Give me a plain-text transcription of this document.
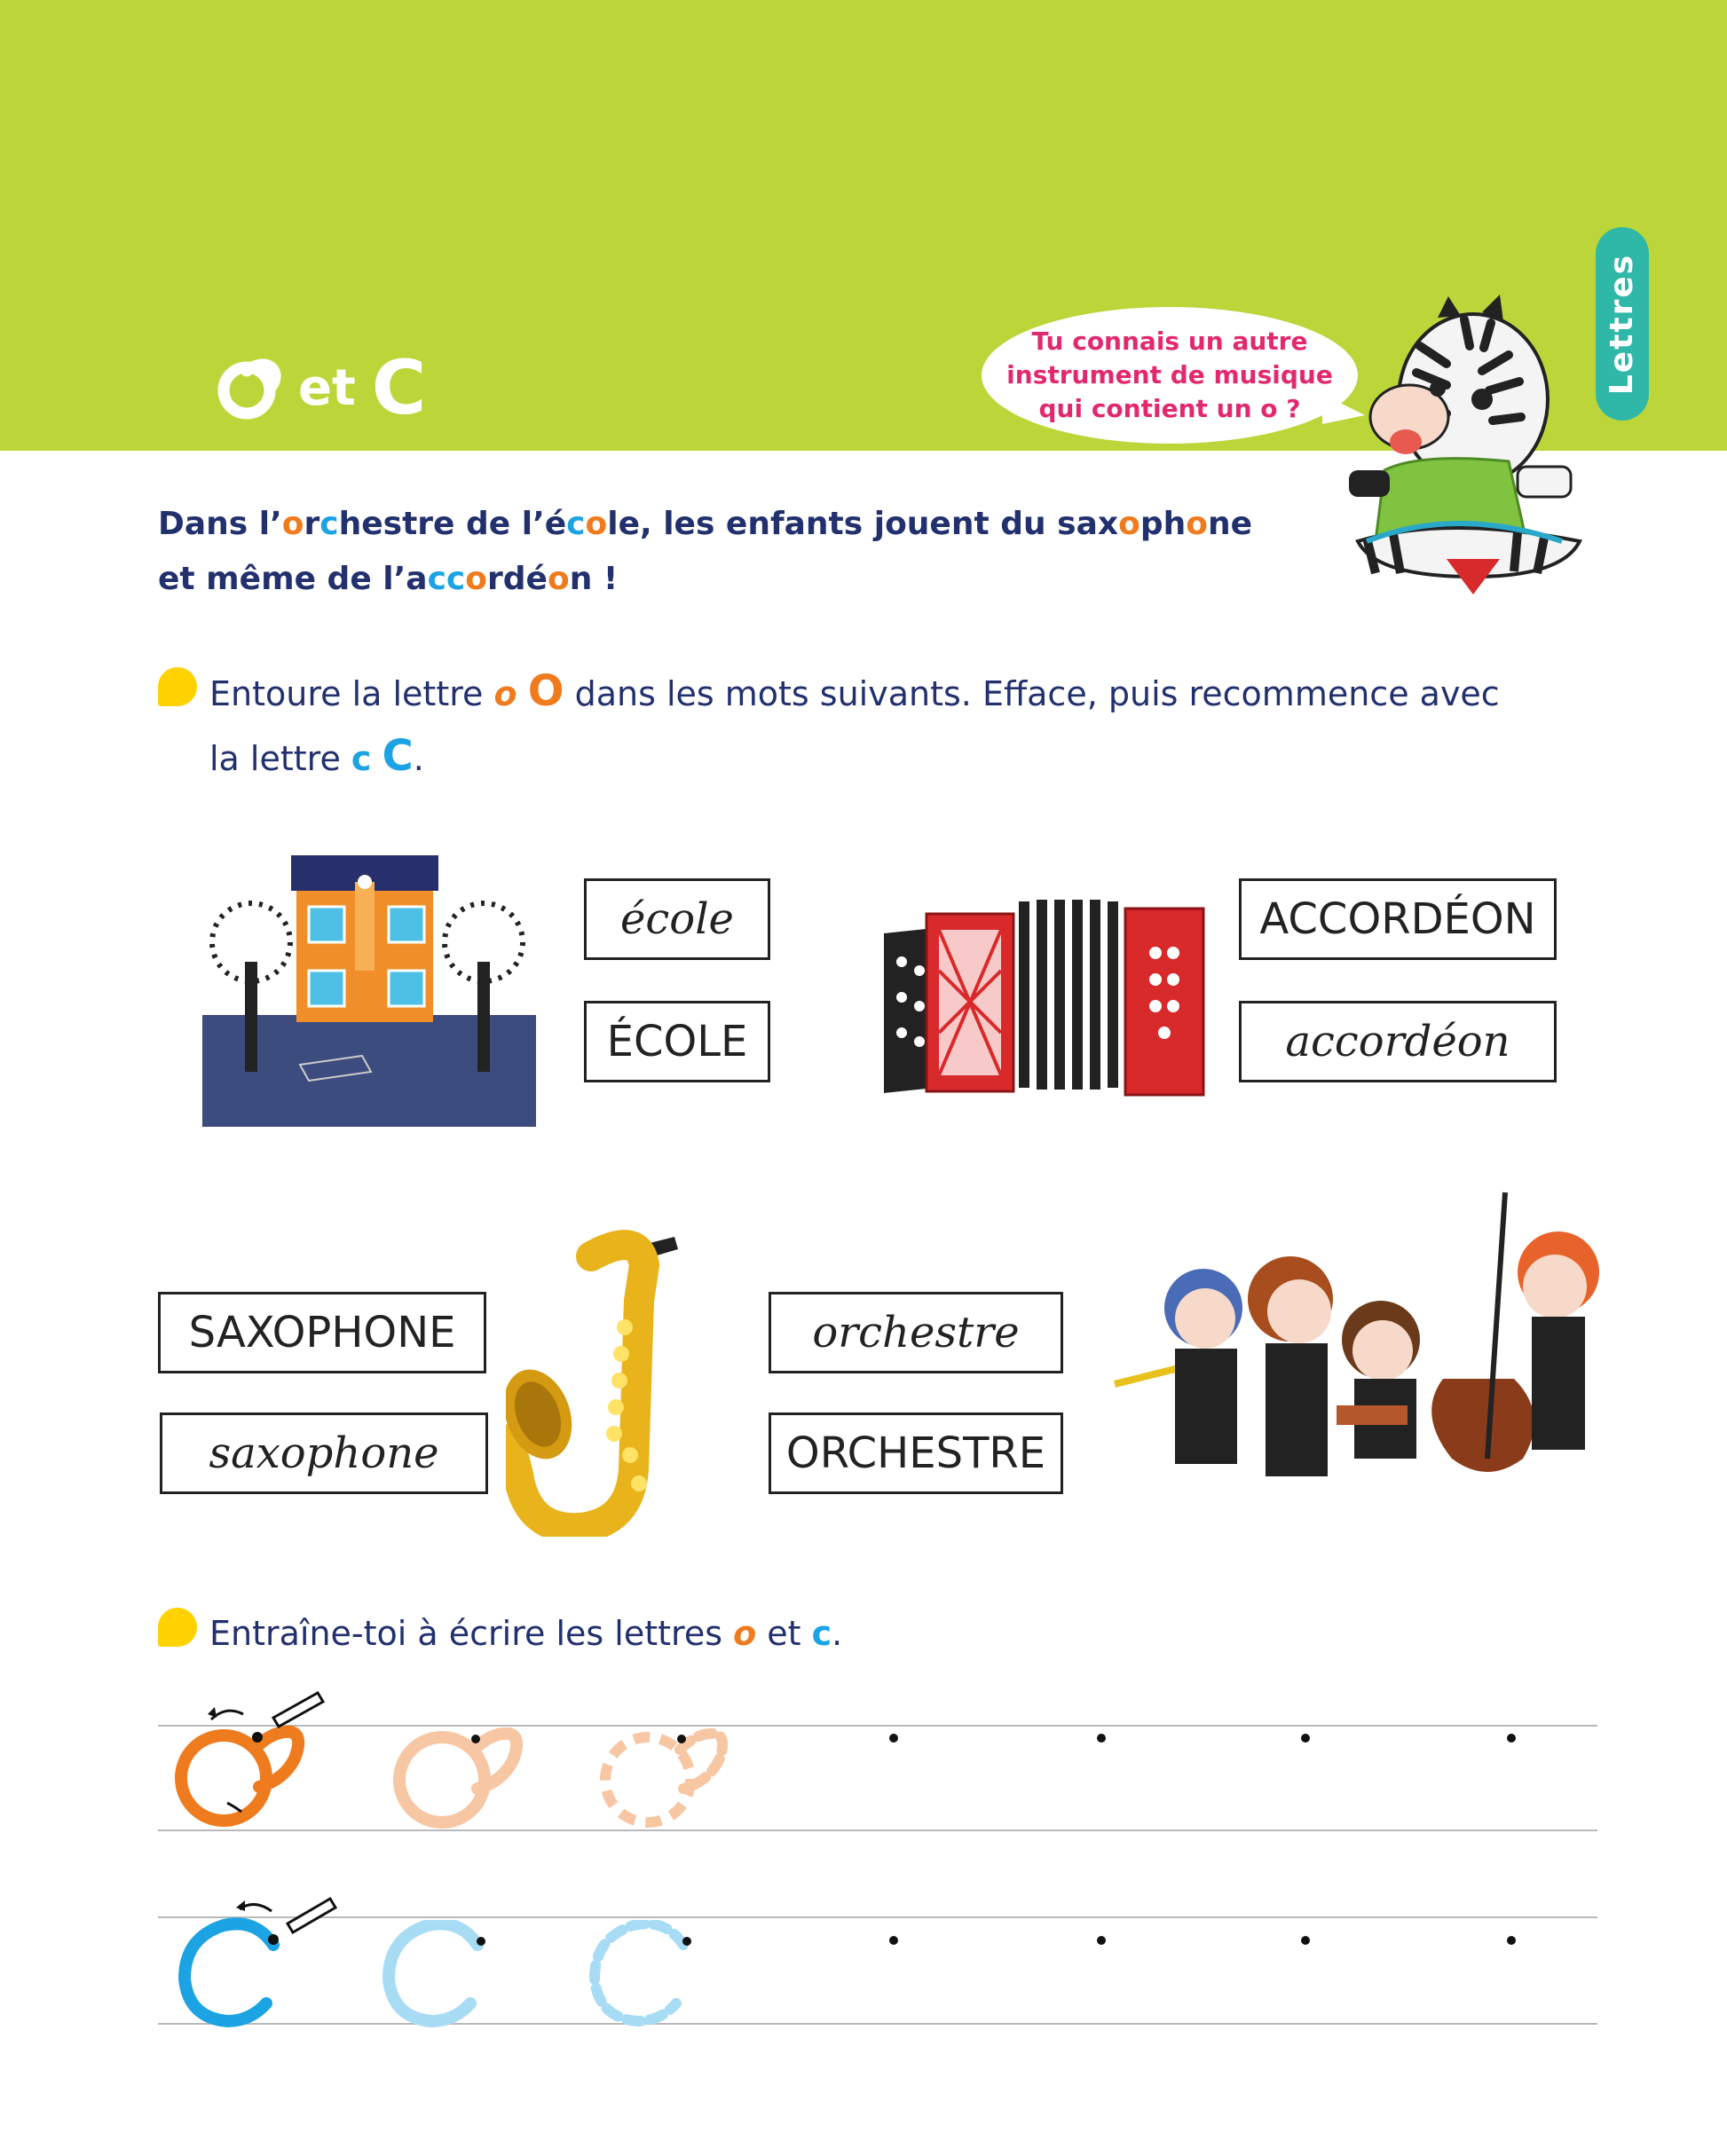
et C	Lettres
Tu connais un autre
instrument de musique
qui contient un o ?
Dans l’orchestre de l’école, les enfants jouent du saxophone
et même de l’accordéon !
Entoure la lettre o O dans les mots suivants. Efface, puis recommence avec
la lettre c C.
école
ÉCOLE
ACCORDÉON
accordéon
SAXOPHONE
saxophone
orchestre
ORCHESTRE
Entraîne-toi à écrire les lettres o et c.
